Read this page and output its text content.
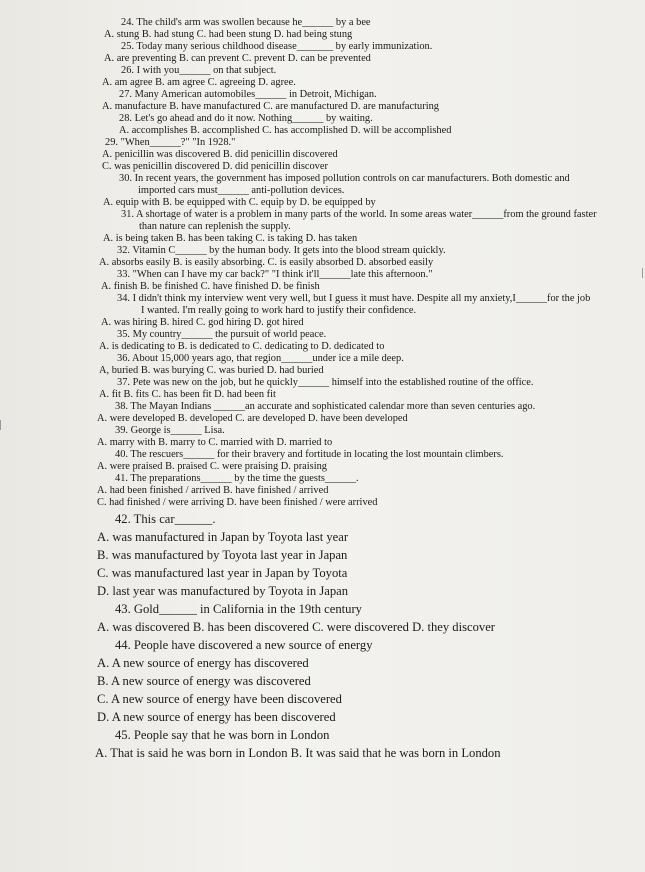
24. The child's arm was swollen because he______ by a bee
A. stung B. had stung C. had been stung D. had being stung
25. Today many serious childhood disease_______ by early immunization.
A. are preventing B. can prevent C. prevent D. can be prevented
26. I with you______ on that subject.
A. am agree B. am agree C. agreeing D. agree.
27. Many American automobiles______ in Detroit, Michigan.
A. manufacture B. have manufactured C. are manufactured D. are manufacturing
28. Let's go ahead and do it now. Nothing______ by waiting.
A. accomplishes B. accomplished C. has accomplished D. will be accomplished
29. "When______?" "In 1928."
A. penicillin was discovered B. did penicillin discovered
C. was penicillin discovered D. did penicillin discover
30. In recent years, the government has imposed pollution controls on car manufacturers. Both domestic and
imported cars must______ anti-pollution devices.
A. equip with B. be equipped with C. equip by D. be equipped by
31. A shortage of water is a problem in many parts of the world. In some areas water______from the ground faster
than nature can replenish the supply.
A. is being taken B. has been taking C. is taking D. has taken
32. Vitamin C______ by the human body. It gets into the blood stream quickly.
A. absorbs easily B. is easily absorbing. C. is easily absorbed D. absorbed easily
33. "When can I have my car back?" "I think it'll______late this afternoon."
A. finish B. be finished C. have finished D. be finish
34. I didn't think my interview went very well, but I guess it must have. Despite all my anxiety,I______for the job
I wanted. I'm really going to work hard to justify their confidence.
A. was hiring B. hired C. god hiring D. got hired
35. My country______ the pursuit of world peace.
A. is dedicating to B. is dedicated to C. dedicating to D. dedicated to
36. About 15,000 years ago, that region______under ice a mile deep.
A, buried B. was burying C. was buried D. had buried
37. Pete was new on the job, but he quickly______ himself into the established routine of the office.
A. fit B. fits C. has been fit D. had been fit
38. The Mayan Indians ______an accurate and sophisticated calendar more than seven centuries ago.
A. were developed B. developed C. are developed D. have been developed
39. George is______ Lisa.
A. marry with B. marry to C. married with D. married to
40. The rescuers______ for their bravery and fortitude in locating the lost mountain climbers.
A. were praised B. praised C. were praising D. praising
41. The preparations______ by the time the guests______.
A. had been finished / arrived B. have finished / arrived
C. had finished / were arriving D. have been finished / were arrived
42. This car______.
A. was manufactured in Japan by Toyota last year
B. was manufactured by Toyota last year in Japan
C. was manufactured last year in Japan by Toyota
D. last year was manufactured by Toyota in Japan
43. Gold______ in California in the 19th century
A. was discovered B. has been discovered C. were discovered D. they discover
44. People have discovered a new source of energy
A. A new source of energy has discovered
B. A new source of energy was discovered
C. A new source of energy have been discovered
D. A new source of energy has been discovered
45. People say that he was born in London
A. That is said he was born in London B. It was said that he was born in London
